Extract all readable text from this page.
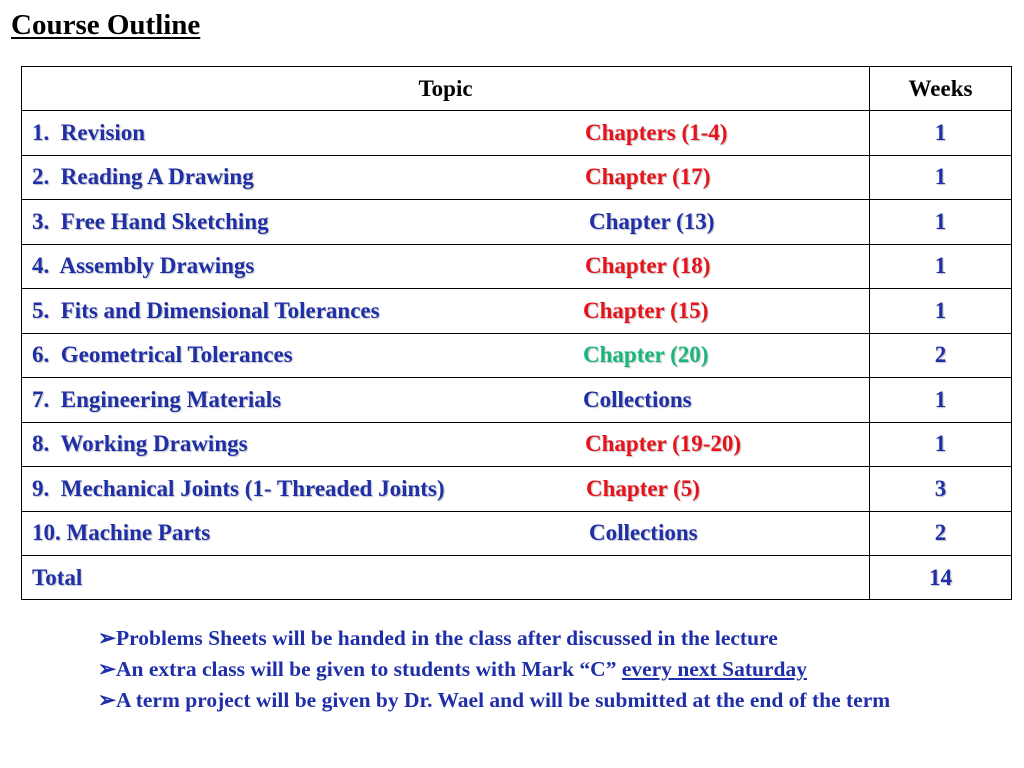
Course Outline
Topic	Weeks

1.  Revision Chapters (1-4)	1

2.  Reading A Drawing Chapter (17)	1

3.  Free Hand Sketching Chapter (13)	1

4.  Assembly Drawings Chapter (18)	1

5.  Fits and Dimensional Tolerances Chapter (15)	1

6.  Geometrical Tolerances Chapter (20)	2

7.  Engineering Materials Collections	1

8.  Working Drawings Chapter (19-20)	1

9.  Mechanical Joints (1- Threaded Joints) Chapter (5)	3

10. Machine Parts Collections	2

Total	14

➢Problems Sheets will be handed in the class after discussed in the lecture

➢An extra class will be given to students with Mark “C” every next Saturday

➢A term project will be given by Dr. Wael and will be submitted at the end of the term
